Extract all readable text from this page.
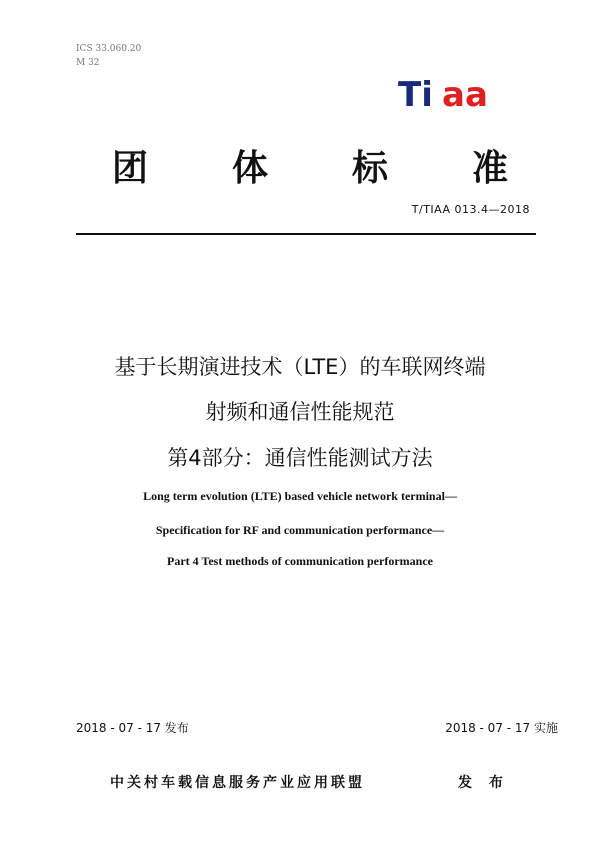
ICS 33.060.20
M 32
Ti aa
团	体	标	准
T/TIAA 013.4—2018
基于长期演进技术（LTE）的车联网终端
射频和通信性能规范
第4部分：通信性能测试方法
Long term evolution (LTE) based vehicle network terminal—
Specification for RF and communication performance—
Part 4 Test methods of communication performance
2018 - 07 - 17 发布	2018 - 07 - 17 实施
中关村车载信息服务产业应用联盟	发 布
